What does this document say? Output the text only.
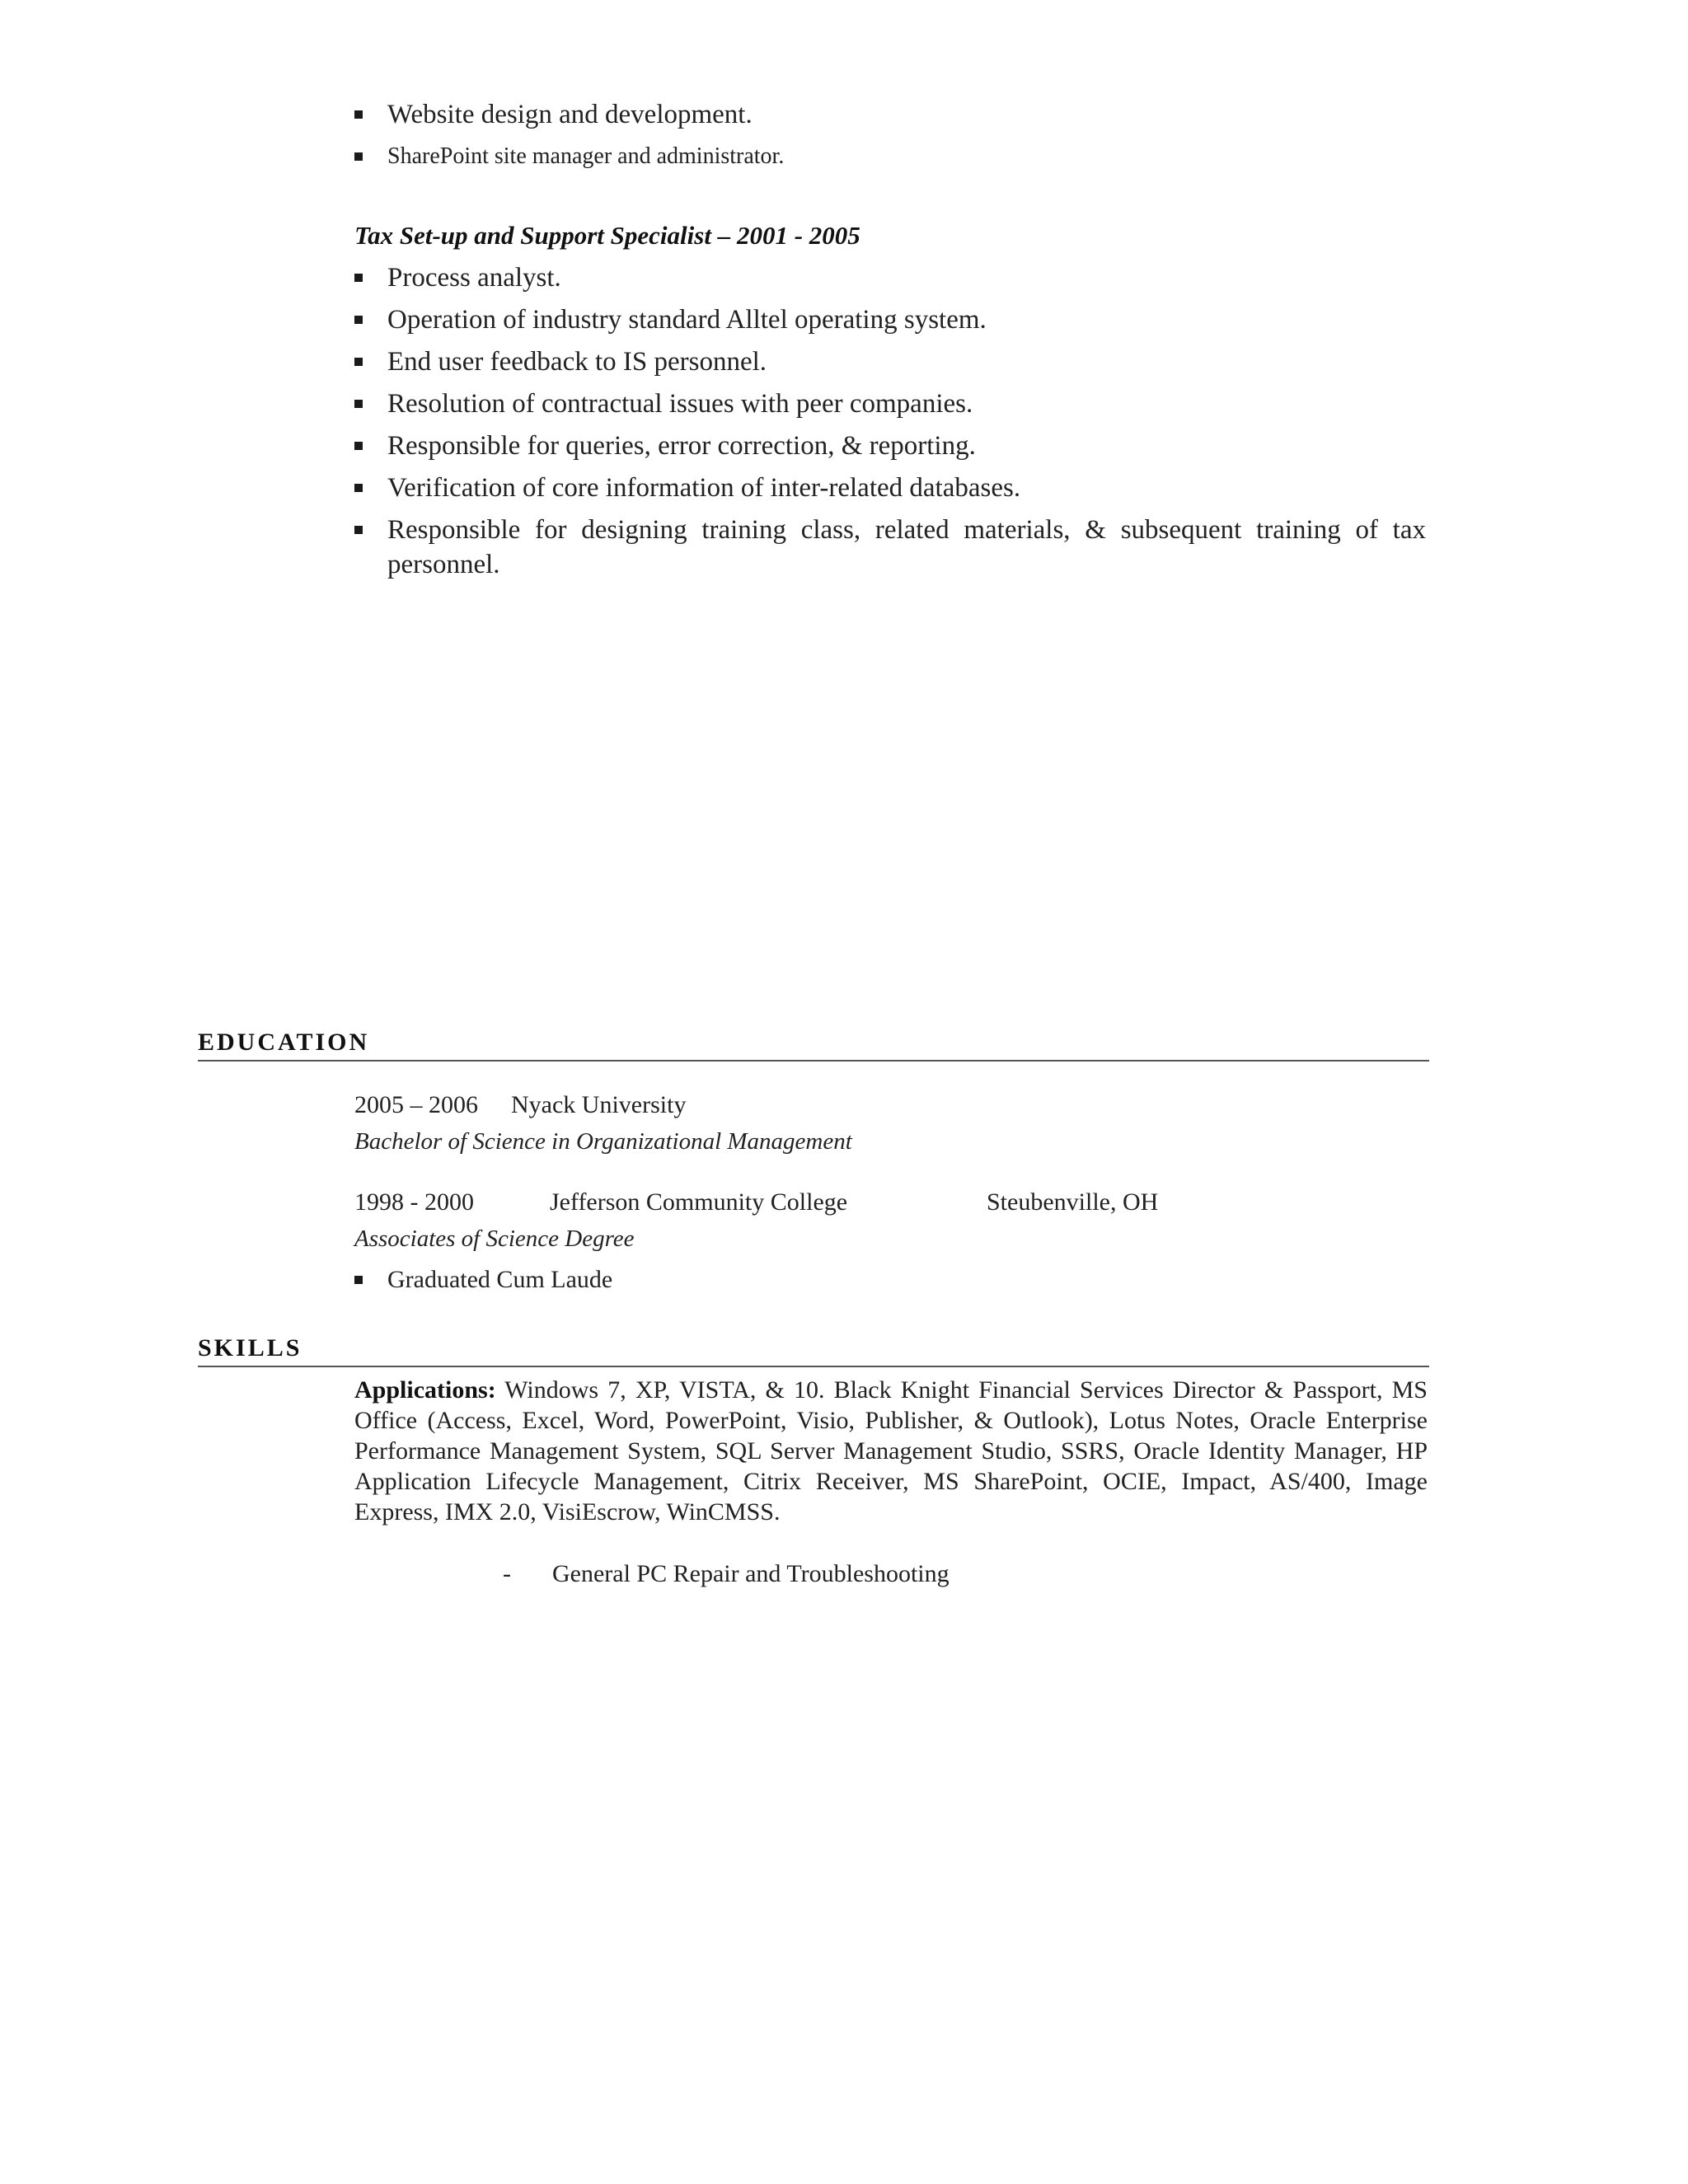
Website design and development.
SharePoint site manager and administrator.
Tax Set-up and Support Specialist – 2001 - 2005
Process analyst.
Operation of industry standard Alltel operating system.
End user feedback to IS personnel.
Resolution of contractual issues with peer companies.
Responsible for queries, error correction, & reporting.
Verification of core information of inter-related databases.
Responsible for designing training class, related materials, & subsequent training of tax personnel.
EDUCATION
2005 – 2006 Nyack University
Bachelor of Science in Organizational Management
1998 - 2000	Jefferson Community College	Steubenville, OH
Associates of Science Degree
Graduated Cum Laude
SKILLS
Applications: Windows 7, XP, VISTA, & 10. Black Knight Financial Services Director & Passport, MS Office (Access, Excel, Word, PowerPoint, Visio, Publisher, & Outlook), Lotus Notes, Oracle Enterprise Performance Management System, SQL Server Management Studio, SSRS, Oracle Identity Manager, HP Application Lifecycle Management, Citrix Receiver, MS SharePoint, OCIE, Impact, AS/400, Image Express, IMX 2.0, VisiEscrow, WinCMSS.
- General PC Repair and Troubleshooting
